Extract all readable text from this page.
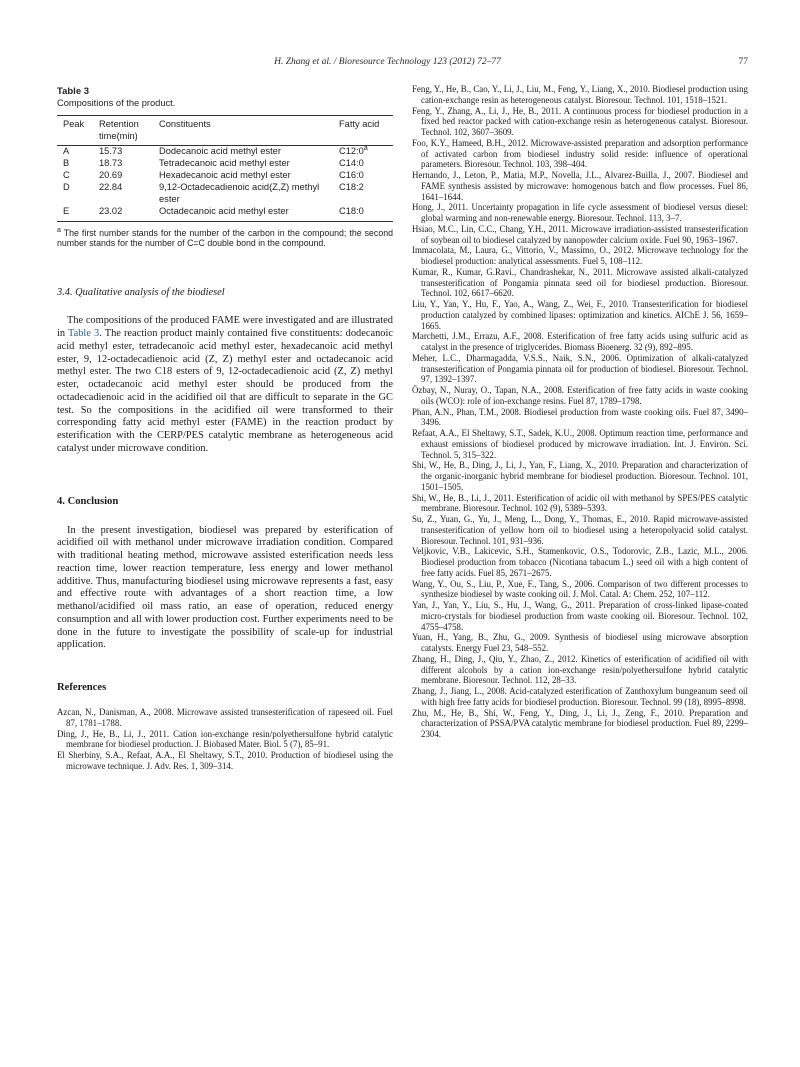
H. Zhang et al. / Bioresource Technology 123 (2012) 72–77	77

Table 3

Compositions of the product.

Peak	Retention time(min)	Constituents	Fatty acid
A	15.73	Dodecanoic acid methyl ester	C12:0$^a$
B	18.73	Tetradecanoic acid methyl ester	C14:0
C	20.69	Hexadecanoic acid methyl ester	C16:0
D	22.84	9,12-Octadecadienoic acid(Z,Z) methyl ester	C18:2
E	23.02	Octadecanoic acid methyl ester	C18:0

$^a$ The first number stands for the number of the carbon in the compound; the second number stands for the number of C=C double bond in the compound.

3.4. Qualitative analysis of the biodiesel

The compositions of the produced FAME were investigated and are illustrated in Table 3. The reaction product mainly contained five constituents: dodecanoic acid methyl ester, tetradecanoic acid methyl ester, hexadecanoic acid methyl ester, 9, 12-octadecadienoic acid (Z, Z) methyl ester and octadecanoic acid methyl ester. The two C18 esters of 9, 12-octadecadienoic acid (Z, Z) methyl ester, octadecanoic acid methyl ester should be produced from the octadecadienoic acid in the acidified oil that are difficult to separate in the GC test. So the compositions in the acidified oil were transformed to their corresponding fatty acid methyl ester (FAME) in the reaction product by esterification with the CERP/PES catalytic membrane as heterogeneous acid catalyst under microwave condition.

4. Conclusion

In the present investigation, biodiesel was prepared by esterification of acidified oil with methanol under microwave irradiation condition. Compared with traditional heating method, microwave assisted esterification needs less reaction time, lower reaction temperature, less energy and lower methanol additive. Thus, manufacturing biodiesel using microwave represents a fast, easy and effective route with advantages of a short reaction time, a low methanol/acidified oil mass ratio, an ease of operation, reduced energy consumption and all with lower production cost. Further experiments need to be done in the future to investigate the possibility of scale-up for industrial application.

References

Azcan, N., Danisman, A., 2008. Microwave assisted transesterification of rapeseed oil. Fuel 87, 1781–1788.

Ding, J., He, B., Li, J., 2011. Cation ion-exchange resin/polyethersulfone hybrid catalytic membrane for biodiesel production. J. Biobased Mater. Biol. 5 (7), 85–91.

El Sherbiny, S.A., Refaat, A.A., El Sheltawy, S.T., 2010. Production of biodiesel using the microwave technique. J. Adv. Res. 1, 309–314.

Feng, Y., He, B., Cao, Y., Li, J., Liu, M., Feng, Y., Liang, X., 2010. Biodiesel production using cation-exchange resin as heterogeneous catalyst. Bioresour. Technol. 101, 1518–1521.

Feng, Y., Zhang, A., Li, J., He, B., 2011. A continuous process for biodiesel production in a fixed bed reactor packed with cation-exchange resin as heterogeneous catalyst. Bioresour. Technol. 102, 3607–3609.

Foo, K.Y., Hameed, B.H., 2012. Microwave-assisted preparation and adsorption performance of activated carbon from biodiesel industry solid reside: influence of operational parameters. Bioresour. Technol. 103, 398–404.

Hernando, J., Leton, P., Matia, M.P., Novella, J.L., Alvarez-Builla, J., 2007. Biodiesel and FAME synthesis assisted by microwave: homogenous batch and flow processes. Fuel 86, 1641–1644.

Hong, J., 2011. Uncertainty propagation in life cycle assessment of biodiesel versus diesel: global warming and non-renewable energy. Bioresour. Technol. 113, 3–7.

Hsiao, M.C., Lin, C.C., Chang, Y.H., 2011. Microwave irradiation-assisted transesterification of soybean oil to biodiesel catalyzed by nanopowder calcium oxide. Fuel 90, 1963–1967.

Immacolata, M., Laura, G., Vittorio, V., Massimo, O., 2012. Microwave technology for the biodiesel production: analytical assessments. Fuel 5, 108–112.

Kumar, R., Kumar, G.Ravi., Chandrashekar, N., 2011. Microwave assisted alkali-catalyzed transesterification of Pongamia pinnata seed oil for biodiesel production. Bioresour. Technol. 102, 6617–6620.

Liu, Y., Yan, Y., Hu, F., Yao, A., Wang, Z., Wei, F., 2010. Transesterification for biodiesel production catalyzed by combined lipases: optimization and kinetics. AIChE J. 56, 1659–1665.

Marchetti, J.M., Errazu, A.F., 2008. Esterification of free fatty acids using sulfuric acid as catalyst in the presence of triglycerides. Biomass Bioenerg. 32 (9), 892–895.

Meher, L.C., Dharmagadda, V.S.S., Naik, S.N., 2006. Optimization of alkali-catalyzed transesterification of Pongamia pinnata oil for production of biodiesel. Bioresour. Technol. 97, 1392–1397.

Özbay, N., Nuray, O., Tapan, N.A., 2008. Esterification of free fatty acids in waste cooking oils (WCO): role of ion-exchange resins. Fuel 87, 1789–1798.

Phan, A.N., Phan, T.M., 2008. Biodiesel production from waste cooking oils. Fuel 87, 3490–3496.

Refaat, A.A., El Sheltawy, S.T., Sadek, K.U., 2008. Optimum reaction time, performance and exhaust emissions of biodiesel produced by microwave irradiation. Int. J. Environ. Sci. Technol. 5, 315–322.

Shi, W., He, B., Ding, J., Li, J., Yan, F., Liang, X., 2010. Preparation and characterization of the organic-inorganic hybrid membrane for biodiesel production. Bioresour. Technol. 101, 1501–1505.

Shi, W., He, B., Li, J., 2011. Esterification of acidic oil with methanol by SPES/PES catalytic membrane. Bioresour. Technol. 102 (9), 5389–5393.

Su, Z., Yuan, G., Yu, J., Meng, L., Dong, Y., Thomas, E., 2010. Rapid microwave-assisted transesterification of yellow horn oil to biodiesel using a heteropolyacid solid catalyst. Bioresour. Technol. 101, 931–936.

Veljkovic, V.B., Lakicevic, S.H., Stamenkovic, O.S., Todorovic, Z.B., Lazic, M.L., 2006. Biodiesel production from tobacco (Nicotiana tabacum L.) seed oil with a high content of free fatty acids. Fuel 85, 2671–2675.

Wang, Y., Ou, S., Liu, P., Xue, F., Tang, S., 2006. Comparison of two different processes to synthesize biodiesel by waste cooking oil. J. Mol. Catal. A: Chem. 252, 107–112.

Yan, J., Yan, Y., Liu, S., Hu, J., Wang, G., 2011. Preparation of cross-linked lipase-coated micro-crystals for biodiesel production from waste cooking oil. Bioresour. Technol. 102, 4755–4758.

Yuan, H., Yang, B., Zhu, G., 2009. Synthesis of biodiesel using microwave absorption catalysts. Energy Fuel 23, 548–552.

Zhang, H., Ding, J., Qiu, Y., Zhao, Z., 2012. Kinetics of esterification of acidified oil with different alcohols by a cation ion-exchange resin/polyethersulfone hybrid catalytic membrane. Bioresour. Technol. 112, 28–33.

Zhang, J., Jiang, L., 2008. Acid-catalyzed esterification of Zanthoxylum bungeanum seed oil with high free fatty acids for biodiesel production. Bioresour. Technol. 99 (18), 8995–8998.

Zhu, M., He, B., Shi, W., Feng, Y., Ding, J., Li, J., Zeng, F., 2010. Preparation and characterization of PSSA/PVA catalytic membrane for biodiesel production. Fuel 89, 2299–2304.
